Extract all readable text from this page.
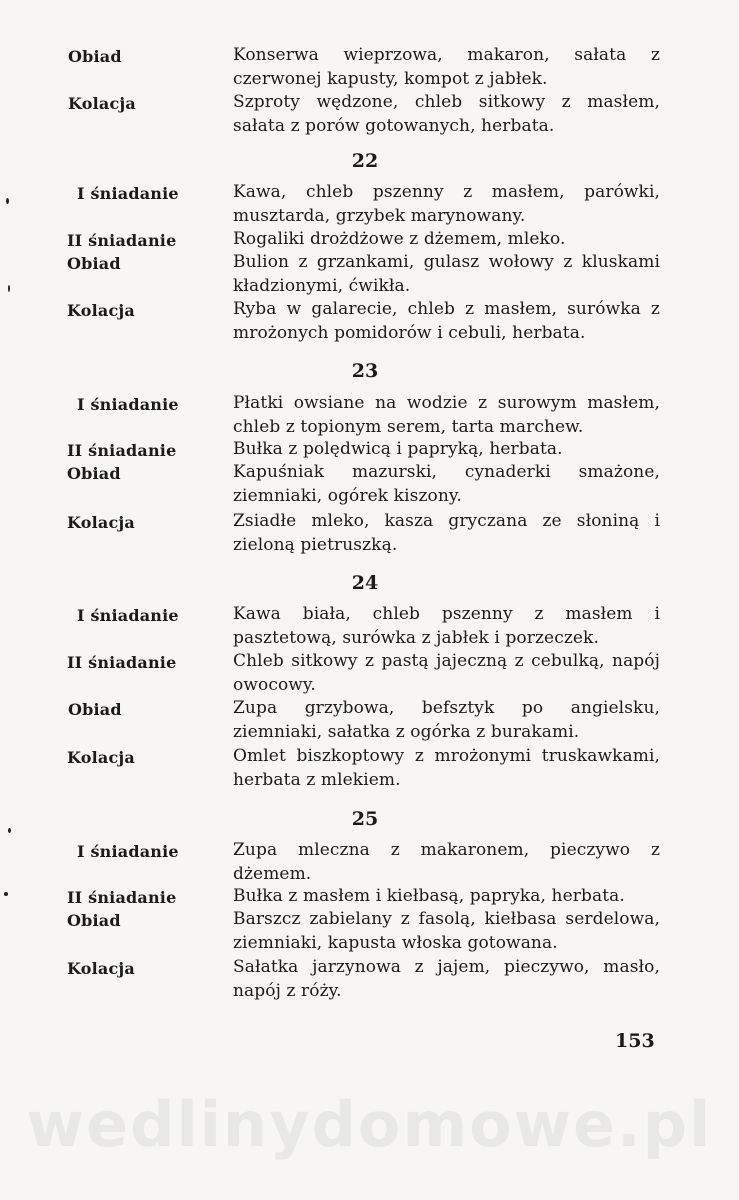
Obiad	Konserwa wieprzowa, makaron, sałata z czerwonej kapusty, kompot z jabłek.
Kolacja	Szproty wędzone, chleb sitkowy z masłem, sałata z porów gotowanych, herbata.
22
I śniadanie	Kawa, chleb pszenny z masłem, parówki, musztarda, grzybek marynowany.
II śniadanie	Rogaliki drożdżowe z dżemem, mleko.
Obiad	Bulion z grzankami, gulasz wołowy z kluskami kładzionymi, ćwikła.
Kolacja	Ryba w galarecie, chleb z masłem, surówka z mrożonych pomidorów i cebuli, herbata.
23
I śniadanie	Płatki owsiane na wodzie z surowym masłem, chleb z topionym serem, tarta marchew.
II śniadanie	Bułka z polędwicą i papryką, herbata.
Obiad	Kapuśniak mazurski, cynaderki smażone, ziemniaki, ogórek kiszony.
Kolacja	Zsiadłe mleko, kasza gryczana ze słoniną i zieloną pietruszką.
24
I śniadanie	Kawa biała, chleb pszenny z masłem i pasztetową, surówka z jabłek i porzeczek.
II śniadanie	Chleb sitkowy z pastą jajeczną z cebulką, napój owocowy.
Obiad	Zupa grzybowa, befsztyk po angielsku, ziemniaki, sałatka z ogórka z burakami.
Kolacja	Omlet biszkoptowy z mrożonymi truskawkami, herbata z mlekiem.
25
I śniadanie	Zupa mleczna z makaronem, pieczywo z dżemem.
II śniadanie	Bułka z masłem i kiełbasą, papryka, herbata.
Obiad	Barszcz zabielany z fasolą, kiełbasa serdelowa, ziemniaki, kapusta włoska gotowana.
Kolacja	Sałatka jarzynowa z jajem, pieczywo, masło, napój z róży.
153
wedlinydomowe.pl
